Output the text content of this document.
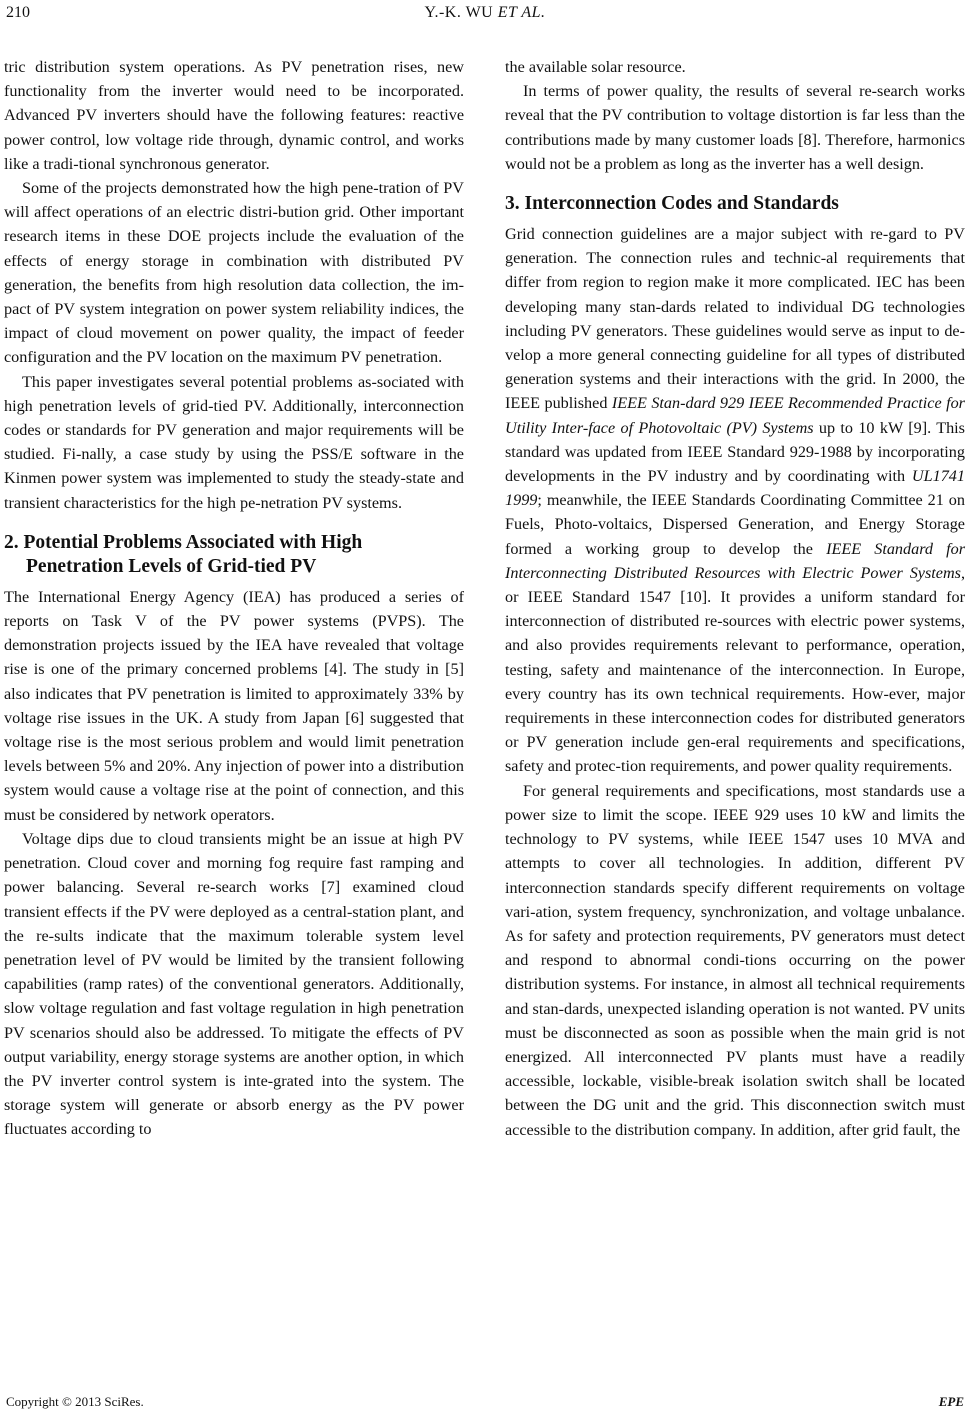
210	Y.-K. WU ET AL.

tric distribution system operations. As PV penetration rises, new functionality from the inverter would need to be incorporated. Advanced PV inverters should have the following features: reactive power control, low voltage ride through, dynamic control, and works like a tradi-tional synchronous generator.

Some of the projects demonstrated how the high pene-tration of PV will affect operations of an electric distri-bution grid. Other important research items in these DOE projects include the evaluation of the effects of energy storage in combination with distributed PV generation, the benefits from high resolution data collection, the im-pact of PV system integration on power system reliability indices, the impact of cloud movement on power quality, the impact of feeder configuration and the PV location on the maximum PV penetration.

This paper investigates several potential problems as-sociated with high penetration levels of grid-tied PV. Additionally, interconnection codes or standards for PV generation and major requirements will be studied. Fi-nally, a case study by using the PSS/E software in the Kinmen power system was implemented to study the steady-state and transient characteristics for the high pe-netration PV systems.

2. Potential Problems Associated with High Penetration Levels of Grid-tied PV

The International Energy Agency (IEA) has produced a series of reports on Task V of the PV power systems (PVPS). The demonstration projects issued by the IEA have revealed that voltage rise is one of the primary concerned problems [4]. The study in [5] also indicates that PV penetration is limited to approximately 33% by voltage rise issues in the UK. A study from Japan [6] suggested that voltage rise is the most serious problem and would limit penetration levels between 5% and 20%. Any injection of power into a distribution system would cause a voltage rise at the point of connection, and this must be considered by network operators.

Voltage dips due to cloud transients might be an issue at high PV penetration. Cloud cover and morning fog require fast ramping and power balancing. Several re-search works [7] examined cloud transient effects if the PV were deployed as a central-station plant, and the re-sults indicate that the maximum tolerable system level penetration level of PV would be limited by the transient following capabilities (ramp rates) of the conventional generators. Additionally, slow voltage regulation and fast voltage regulation in high penetration PV scenarios should also be addressed. To mitigate the effects of PV output variability, energy storage systems are another option, in which the PV inverter control system is inte-grated into the system. The storage system will generate or absorb energy as the PV power fluctuates according to

the available solar resource.

In terms of power quality, the results of several re-search works reveal that the PV contribution to voltage distortion is far less than the contributions made by many customer loads [8]. Therefore, harmonics would not be a problem as long as the inverter has a well design.

3. Interconnection Codes and Standards

Grid connection guidelines are a major subject with re-gard to PV generation. The connection rules and technic-al requirements that differ from region to region make it more complicated. IEC has been developing many stan-dards related to individual DG technologies including PV generators. These guidelines would serve as input to de-velop a more general connecting guideline for all types of distributed generation systems and their interactions with the grid. In 2000, the IEEE published IEEE Stan-dard 929 IEEE Recommended Practice for Utility Inter-face of Photovoltaic (PV) Systems up to 10 kW [9]. This standard was updated from IEEE Standard 929-1988 by incorporating developments in the PV industry and by coordinating with UL1741 1999; meanwhile, the IEEE Standards Coordinating Committee 21 on Fuels, Photo-voltaics, Dispersed Generation, and Energy Storage formed a working group to develop the IEEE Standard for Interconnecting Distributed Resources with Electric Power Systems, or IEEE Standard 1547 [10]. It provides a uniform standard for interconnection of distributed re-sources with electric power systems, and also provides requirements relevant to performance, operation, testing, safety and maintenance of the interconnection. In Europe, every country has its own technical requirements. How-ever, major requirements in these interconnection codes for distributed generators or PV generation include gen-eral requirements and specifications, safety and protec-tion requirements, and power quality requirements.

For general requirements and specifications, most standards use a power size to limit the scope. IEEE 929 uses 10 kW and limits the technology to PV systems, while IEEE 1547 uses 10 MVA and attempts to cover all technologies. In addition, different PV interconnection standards specify different requirements on voltage vari-ation, system frequency, synchronization, and voltage unbalance. As for safety and protection requirements, PV generators must detect and respond to abnormal condi-tions occurring on the power distribution systems. For instance, in almost all technical requirements and stan-dards, unexpected islanding operation is not wanted. PV units must be disconnected as soon as possible when the main grid is not energized. All interconnected PV plants must have a readily accessible, lockable, visible-break isolation switch shall be located between the DG unit and the grid. This disconnection switch must accessible to the distribution company. In addition, after grid fault, the

Copyright © 2013 SciRes.	EPE
